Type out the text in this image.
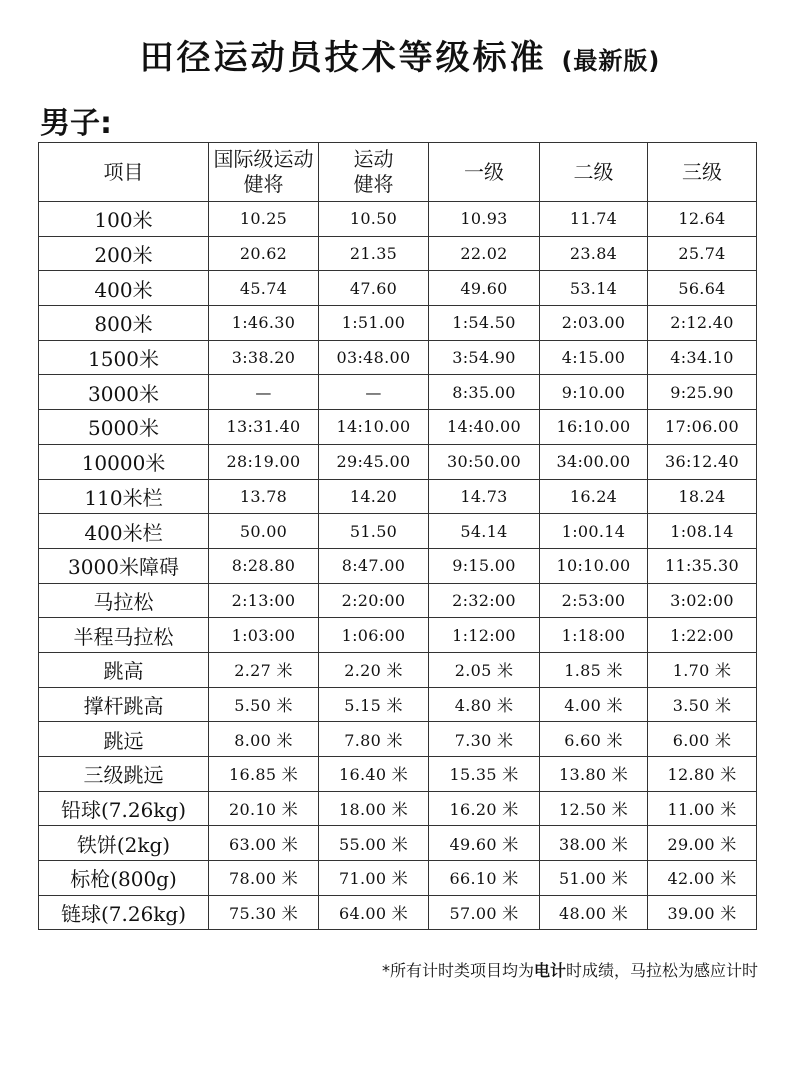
田径运动员技术等级标准 (最新版)
男子:
项目	国际级运动健将	运动健将	一级	二级	三级
100米	10.25	10.50	10.93	11.74	12.64
200米	20.62	21.35	22.02	23.84	25.74
400米	45.74	47.60	49.60	53.14	56.64
800米	1:46.30	1:51.00	1:54.50	2:03.00	2:12.40
1500米	3:38.20	03:48.00	3:54.90	4:15.00	4:34.10
3000米	—	—	8:35.00	9:10.00	9:25.90
5000米	13:31.40	14:10.00	14:40.00	16:10.00	17:06.00
10000米	28:19.00	29:45.00	30:50.00	34:00.00	36:12.40
110米栏	13.78	14.20	14.73	16.24	18.24
400米栏	50.00	51.50	54.14	1:00.14	1:08.14
3000米障碍	8:28.80	8:47.00	9:15.00	10:10.00	11:35.30
马拉松	2:13:00	2:20:00	2:32:00	2:53:00	3:02:00
半程马拉松	1:03:00	1:06:00	1:12:00	1:18:00	1:22:00
跳高	2.27 米	2.20 米	2.05 米	1.85 米	1.70 米
撑杆跳高	5.50 米	5.15 米	4.80 米	4.00 米	3.50 米
跳远	8.00 米	7.80 米	7.30 米	6.60 米	6.00 米
三级跳远	16.85 米	16.40 米	15.35 米	13.80 米	12.80 米
铅球(7.26kg)	20.10 米	18.00 米	16.20 米	12.50 米	11.00 米
铁饼(2kg)	63.00 米	55.00 米	49.60 米	38.00 米	29.00 米
标枪(800g)	78.00 米	71.00 米	66.10 米	51.00 米	42.00 米
链球(7.26kg)	75.30 米	64.00 米	57.00 米	48.00 米	39.00 米
*所有计时类项目均为电计时成绩，马拉松为感应计时
